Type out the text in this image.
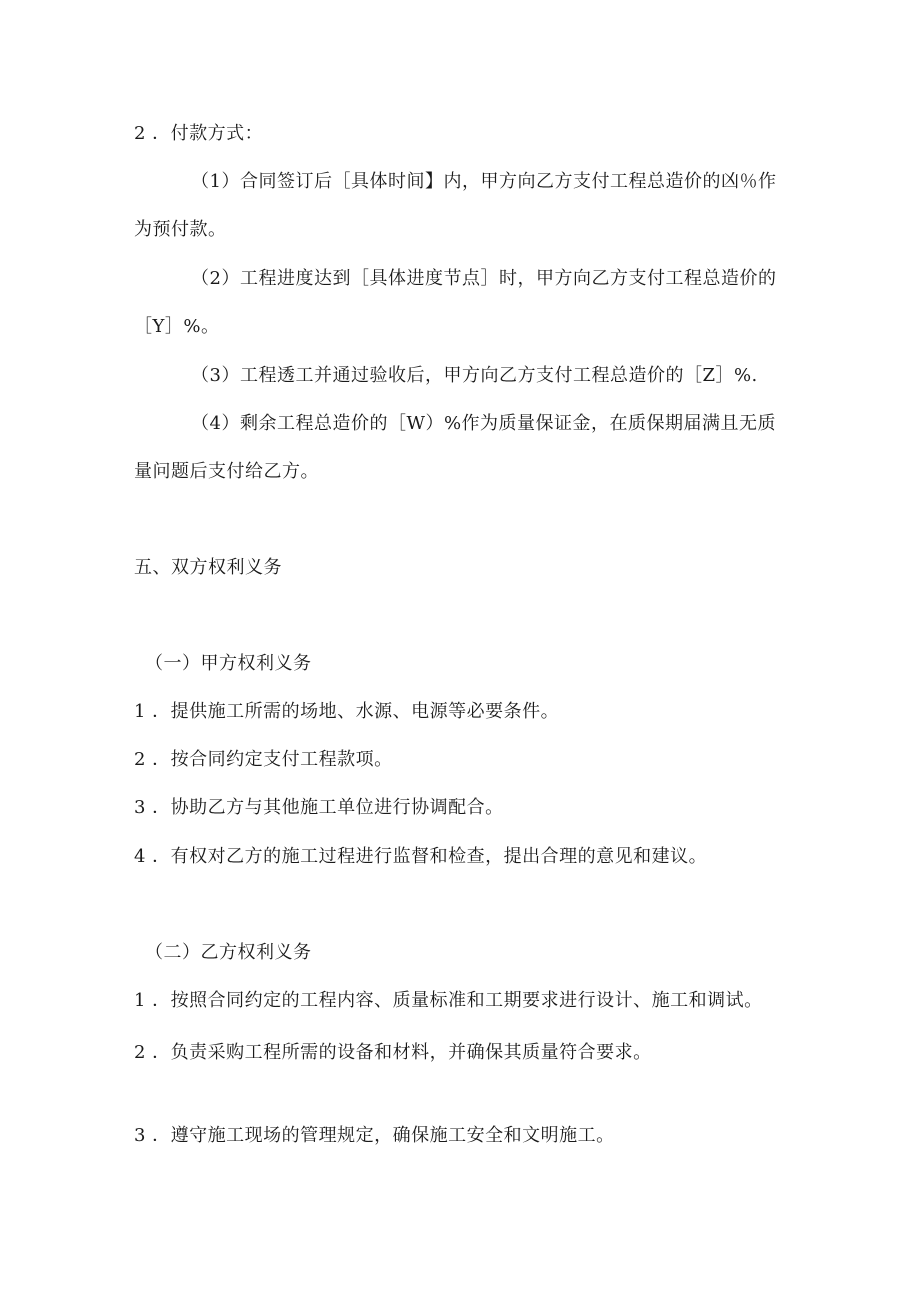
2 ．付款方式：
（1）合同签订后［具体时间】内，甲方向乙方支付工程总造价的凶％作
为预付款。
（2）工程进度达到［具体进度节点］时，甲方向乙方支付工程总造价的
［Y］%。
（3）工程透工并通过验收后，甲方向乙方支付工程总造价的［Z］%.
（4）剩余工程总造价的［W）%作为质量保证金，在质保期届满且无质
量问题后支付给乙方。
五、双方权利义务
（一）甲方权利义务
1 ．提供施工所需的场地、水源、电源等必要条件。
2 ．按合同约定支付工程款项。
3 ．协助乙方与其他施工单位进行协调配合。
4 ．有权对乙方的施工过程进行监督和检查，提出合理的意见和建议。
（二）乙方权利义务
1 ．按照合同约定的工程内容、质量标准和工期要求进行设计、施工和调试。
2 ．负责采购工程所需的设备和材料，并确保其质量符合要求。
3 ．遵守施工现场的管理规定，确保施工安全和文明施工。
